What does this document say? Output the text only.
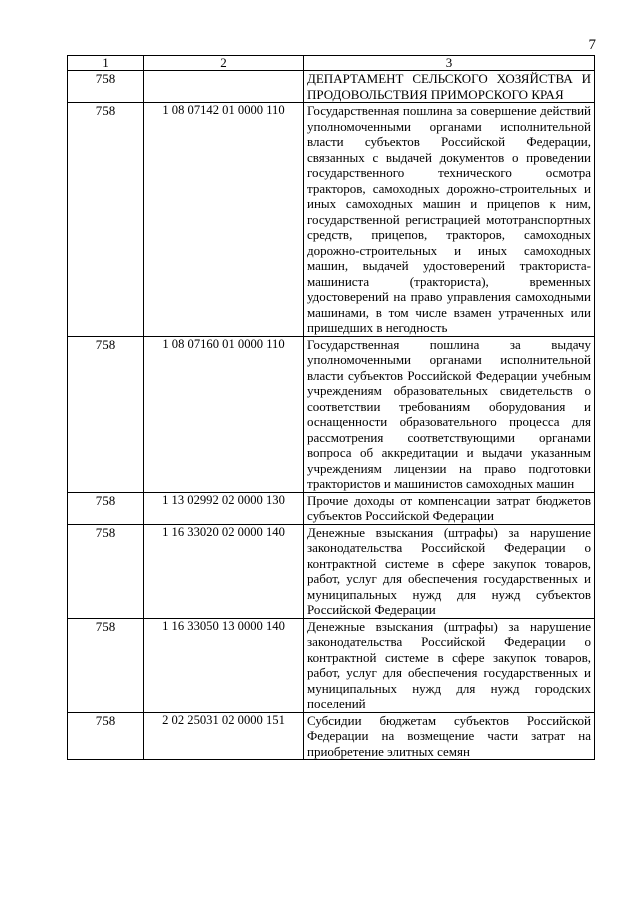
7
1	2	3
758		ДЕПАРТАМЕНТ СЕЛЬСКОГО ХОЗЯЙСТВА И ПРОДОВОЛЬСТВИЯ ПРИМОРСКОГО КРАЯ
758	1 08 07142 01 0000 110	Государственная пошлина за совершение действий уполномоченными органами исполнительной власти субъектов Российской Федерации, связанных с выдачей документов о проведении государственного технического осмотра тракторов, самоходных дорожно-строительных и иных самоходных машин и прицепов к ним, государственной регистрацией мототранспортных средств, прицепов, тракторов, самоходных дорожно-строительных и иных самоходных машин, выдачей удостоверений тракториста-машиниста (тракториста), временных удостоверений на право управления самоходными машинами, в том числе взамен утраченных или пришедших в негодность
758	1 08 07160 01 0000 110	Государственная пошлина за выдачу уполномоченными органами исполнительной власти субъектов Российской Федерации учебным учреждениям образовательных свидетельств о соответствии требованиям оборудования и оснащенности образовательного процесса для рассмотрения соответствующими органами вопроса об аккредитации и выдачи указанным учреждениям лицензии на право подготовки трактористов и машинистов самоходных машин
758	1 13 02992 02 0000 130	Прочие доходы от компенсации затрат бюджетов субъектов Российской Федерации
758	1 16 33020 02 0000 140	Денежные взыскания (штрафы) за нарушение законодательства Российской Федерации о контрактной системе в сфере закупок товаров, работ, услуг для обеспечения государственных и муниципальных нужд для нужд субъектов Российской Федерации
758	1 16 33050 13 0000 140	Денежные взыскания (штрафы) за нарушение законодательства Российской Федерации о контрактной системе в сфере закупок товаров, работ, услуг для обеспечения государственных и муниципальных нужд для нужд городских поселений
758	2 02 25031 02 0000 151	Субсидии бюджетам субъектов Российской Федерации на возмещение части затрат на приобретение элитных семян
